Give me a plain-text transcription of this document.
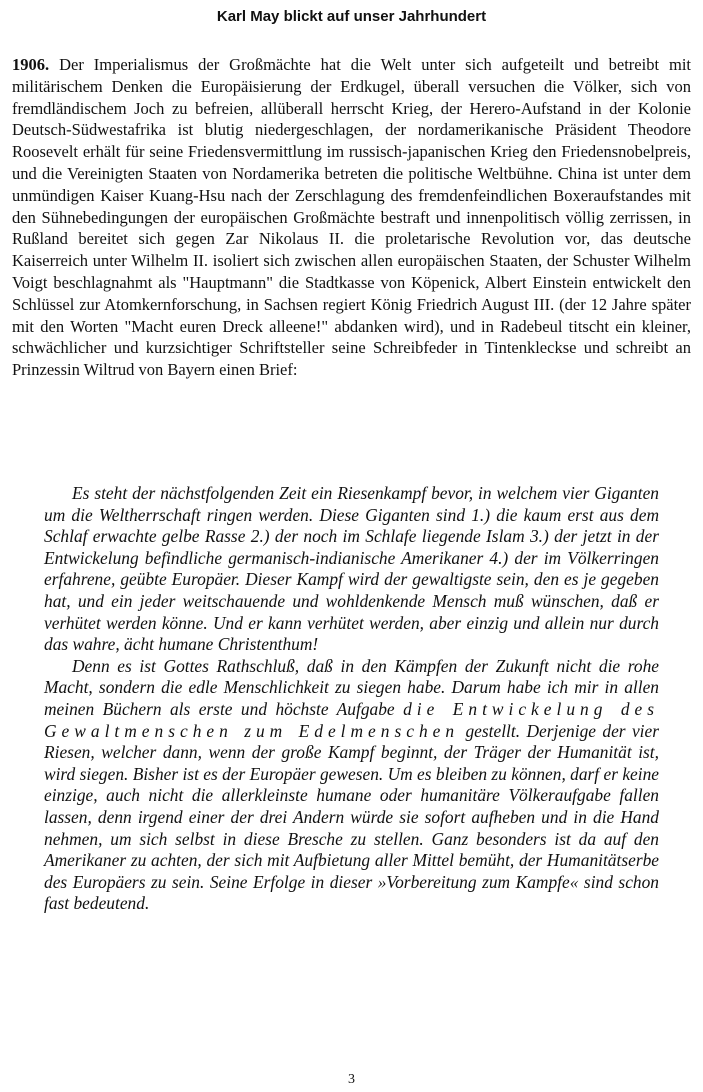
Karl May blickt auf unser Jahrhundert
1906. Der Imperialismus der Großmächte hat die Welt unter sich aufgeteilt und betreibt mit militärischem Denken die Europäisierung der Erdkugel, überall versuchen die Völker, sich von fremdländischem Joch zu befreien, allüberall herrscht Krieg, der Herero-Aufstand in der Kolonie Deutsch-Südwestafrika ist blutig niedergeschlagen, der nordamerikanische Präsident Theodore Roosevelt erhält für seine Friedensvermittlung im russisch-japanischen Krieg den Friedensnobelpreis, und die Vereinigten Staaten von Nordamerika betreten die politische Weltbühne. China ist unter dem unmündigen Kaiser Kuang-Hsu nach der Zerschlagung des fremdenfeindlichen Boxeraufstandes mit den Sühnebedingungen der europäischen Großmächte bestraft und innenpolitisch völlig zerrissen, in Rußland bereitet sich gegen Zar Nikolaus II. die proletarische Revolution vor, das deutsche Kaiserreich unter Wilhelm II. isoliert sich zwischen allen europäischen Staaten, der Schuster Wilhelm Voigt beschlagnahmt als "Hauptmann" die Stadtkasse von Köpenick, Albert Einstein entwickelt den Schlüssel zur Atomkernforschung, in Sachsen regiert König Friedrich August III. (der 12 Jahre später mit den Worten "Macht euren Dreck alleene!" abdanken wird), und in Radebeul titscht ein kleiner, schwächlicher und kurzsichtiger Schriftsteller seine Schreibfeder in Tintenkleckse und schreibt an Prinzessin Wiltrud von Bayern einen Brief:

Es steht der nächstfolgenden Zeit ein Riesenkampf bevor, in welchem vier Giganten um die Weltherrschaft ringen werden. Diese Giganten sind 1.) die kaum erst aus dem Schlaf erwachte gelbe Rasse 2.) der noch im Schlafe liegende Islam 3.) der jetzt in der Entwickelung befindliche germanisch-indianische Amerikaner 4.) der im Völkerringen erfahrene, geübte Europäer. Dieser Kampf wird der gewaltigste sein, den es je gegeben hat, und ein jeder weitschauende und wohldenkende Mensch muß wünschen, daß er verhütet werden könne. Und er kann verhütet werden, aber einzig und allein nur durch das wahre, ächt humane Christenthum!

Denn es ist Gottes Rathschluß, daß in den Kämpfen der Zukunft nicht die rohe Macht, sondern die edle Menschlichkeit zu siegen habe. Darum habe ich mir in allen meinen Büchern als erste und höchste Aufgabe die Entwickelung des Gewaltmenschen zum Edelmenschen gestellt. Derjenige der vier Riesen, welcher dann, wenn der große Kampf beginnt, der Träger der Humanität ist, wird siegen. Bisher ist es der Europäer gewesen. Um es bleiben zu können, darf er keine einzige, auch nicht die allerkleinste humane oder humanitäre Völkeraufgabe fallen lassen, denn irgend einer der drei Andern würde sie sofort aufheben und in die Hand nehmen, um sich selbst in diese Bresche zu stellen. Ganz besonders ist da auf den Amerikaner zu achten, der sich mit Aufbietung aller Mittel bemüht, der Humanitätserbe des Europäers zu sein. Seine Erfolge in dieser »Vorbereitung zum Kampfe« sind schon fast bedeutend.

3
